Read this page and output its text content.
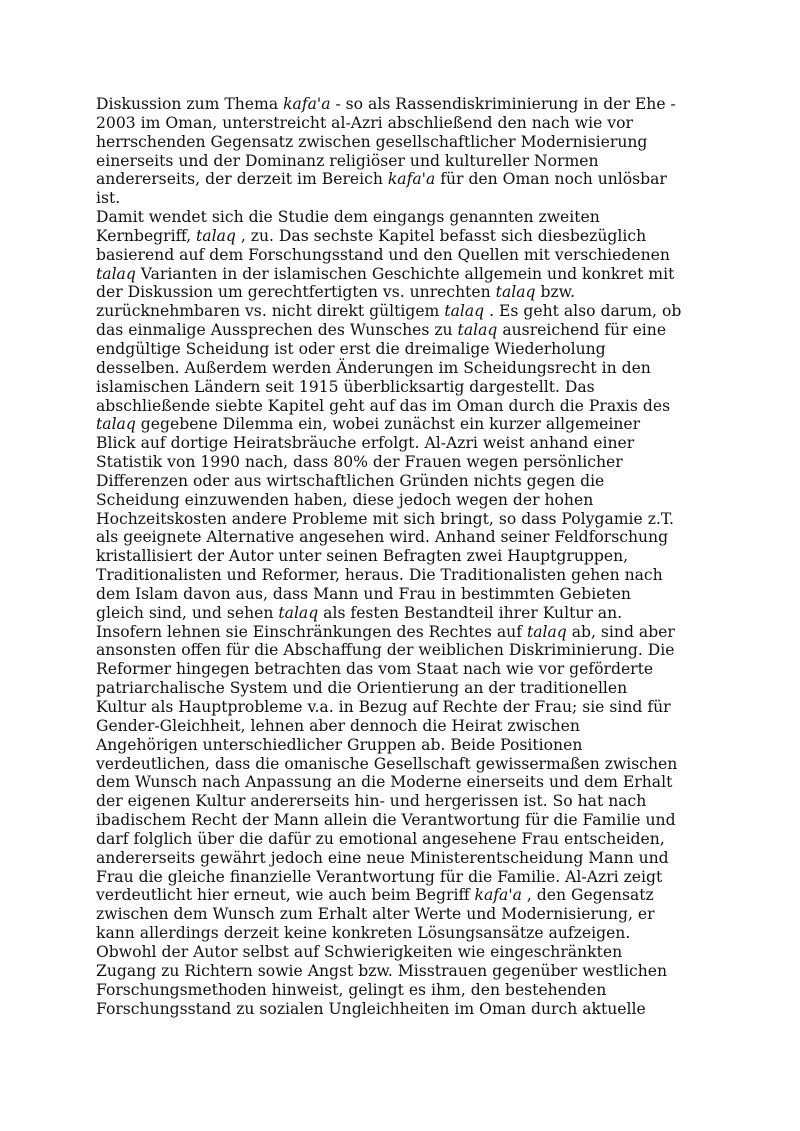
Diskussion zum Thema kafa'a - so als Rassendiskriminierung in der Ehe -
2003 im Oman, unterstreicht al-Azri abschließend den nach wie vor
herrschenden Gegensatz zwischen gesellschaftlicher Modernisierung
einerseits und der Dominanz religiöser und kultureller Normen
andererseits, der derzeit im Bereich kafa'a für den Oman noch unlösbar
ist.
Damit wendet sich die Studie dem eingangs genannten zweiten
Kernbegriff, talaq , zu. Das sechste Kapitel befasst sich diesbezüglich
basierend auf dem Forschungsstand und den Quellen mit verschiedenen
talaq Varianten in der islamischen Geschichte allgemein und konkret mit
der Diskussion um gerechtfertigten vs. unrechten talaq bzw.
zurücknehmbaren vs. nicht direkt gültigem talaq . Es geht also darum, ob
das einmalige Aussprechen des Wunsches zu talaq ausreichend für eine
endgültige Scheidung ist oder erst die dreimalige Wiederholung
desselben. Außerdem werden Änderungen im Scheidungsrecht in den
islamischen Ländern seit 1915 überblicksartig dargestellt. Das
abschließende siebte Kapitel geht auf das im Oman durch die Praxis des
talaq gegebene Dilemma ein, wobei zunächst ein kurzer allgemeiner
Blick auf dortige Heiratsbräuche erfolgt. Al-Azri weist anhand einer
Statistik von 1990 nach, dass 80% der Frauen wegen persönlicher
Differenzen oder aus wirtschaftlichen Gründen nichts gegen die
Scheidung einzuwenden haben, diese jedoch wegen der hohen
Hochzeitskosten andere Probleme mit sich bringt, so dass Polygamie z.T.
als geeignete Alternative angesehen wird. Anhand seiner Feldforschung
kristallisiert der Autor unter seinen Befragten zwei Hauptgruppen,
Traditionalisten und Reformer, heraus. Die Traditionalisten gehen nach
dem Islam davon aus, dass Mann und Frau in bestimmten Gebieten
gleich sind, und sehen talaq als festen Bestandteil ihrer Kultur an.
Insofern lehnen sie Einschränkungen des Rechtes auf talaq ab, sind aber
ansonsten offen für die Abschaffung der weiblichen Diskriminierung. Die
Reformer hingegen betrachten das vom Staat nach wie vor geförderte
patriarchalische System und die Orientierung an der traditionellen
Kultur als Hauptprobleme v.a. in Bezug auf Rechte der Frau; sie sind für
Gender-Gleichheit, lehnen aber dennoch die Heirat zwischen
Angehörigen unterschiedlicher Gruppen ab. Beide Positionen
verdeutlichen, dass die omanische Gesellschaft gewissermaßen zwischen
dem Wunsch nach Anpassung an die Moderne einerseits und dem Erhalt
der eigenen Kultur andererseits hin- und hergerissen ist. So hat nach
ibadischem Recht der Mann allein die Verantwortung für die Familie und
darf folglich über die dafür zu emotional angesehene Frau entscheiden,
andererseits gewährt jedoch eine neue Ministerentscheidung Mann und
Frau die gleiche finanzielle Verantwortung für die Familie. Al-Azri zeigt
verdeutlicht hier erneut, wie auch beim Begriff kafa'a , den Gegensatz
zwischen dem Wunsch zum Erhalt alter Werte und Modernisierung, er
kann allerdings derzeit keine konkreten Lösungsansätze aufzeigen.
Obwohl der Autor selbst auf Schwierigkeiten wie eingeschränkten
Zugang zu Richtern sowie Angst bzw. Misstrauen gegenüber westlichen
Forschungsmethoden hinweist, gelingt es ihm, den bestehenden
Forschungsstand zu sozialen Ungleichheiten im Oman durch aktuelle
